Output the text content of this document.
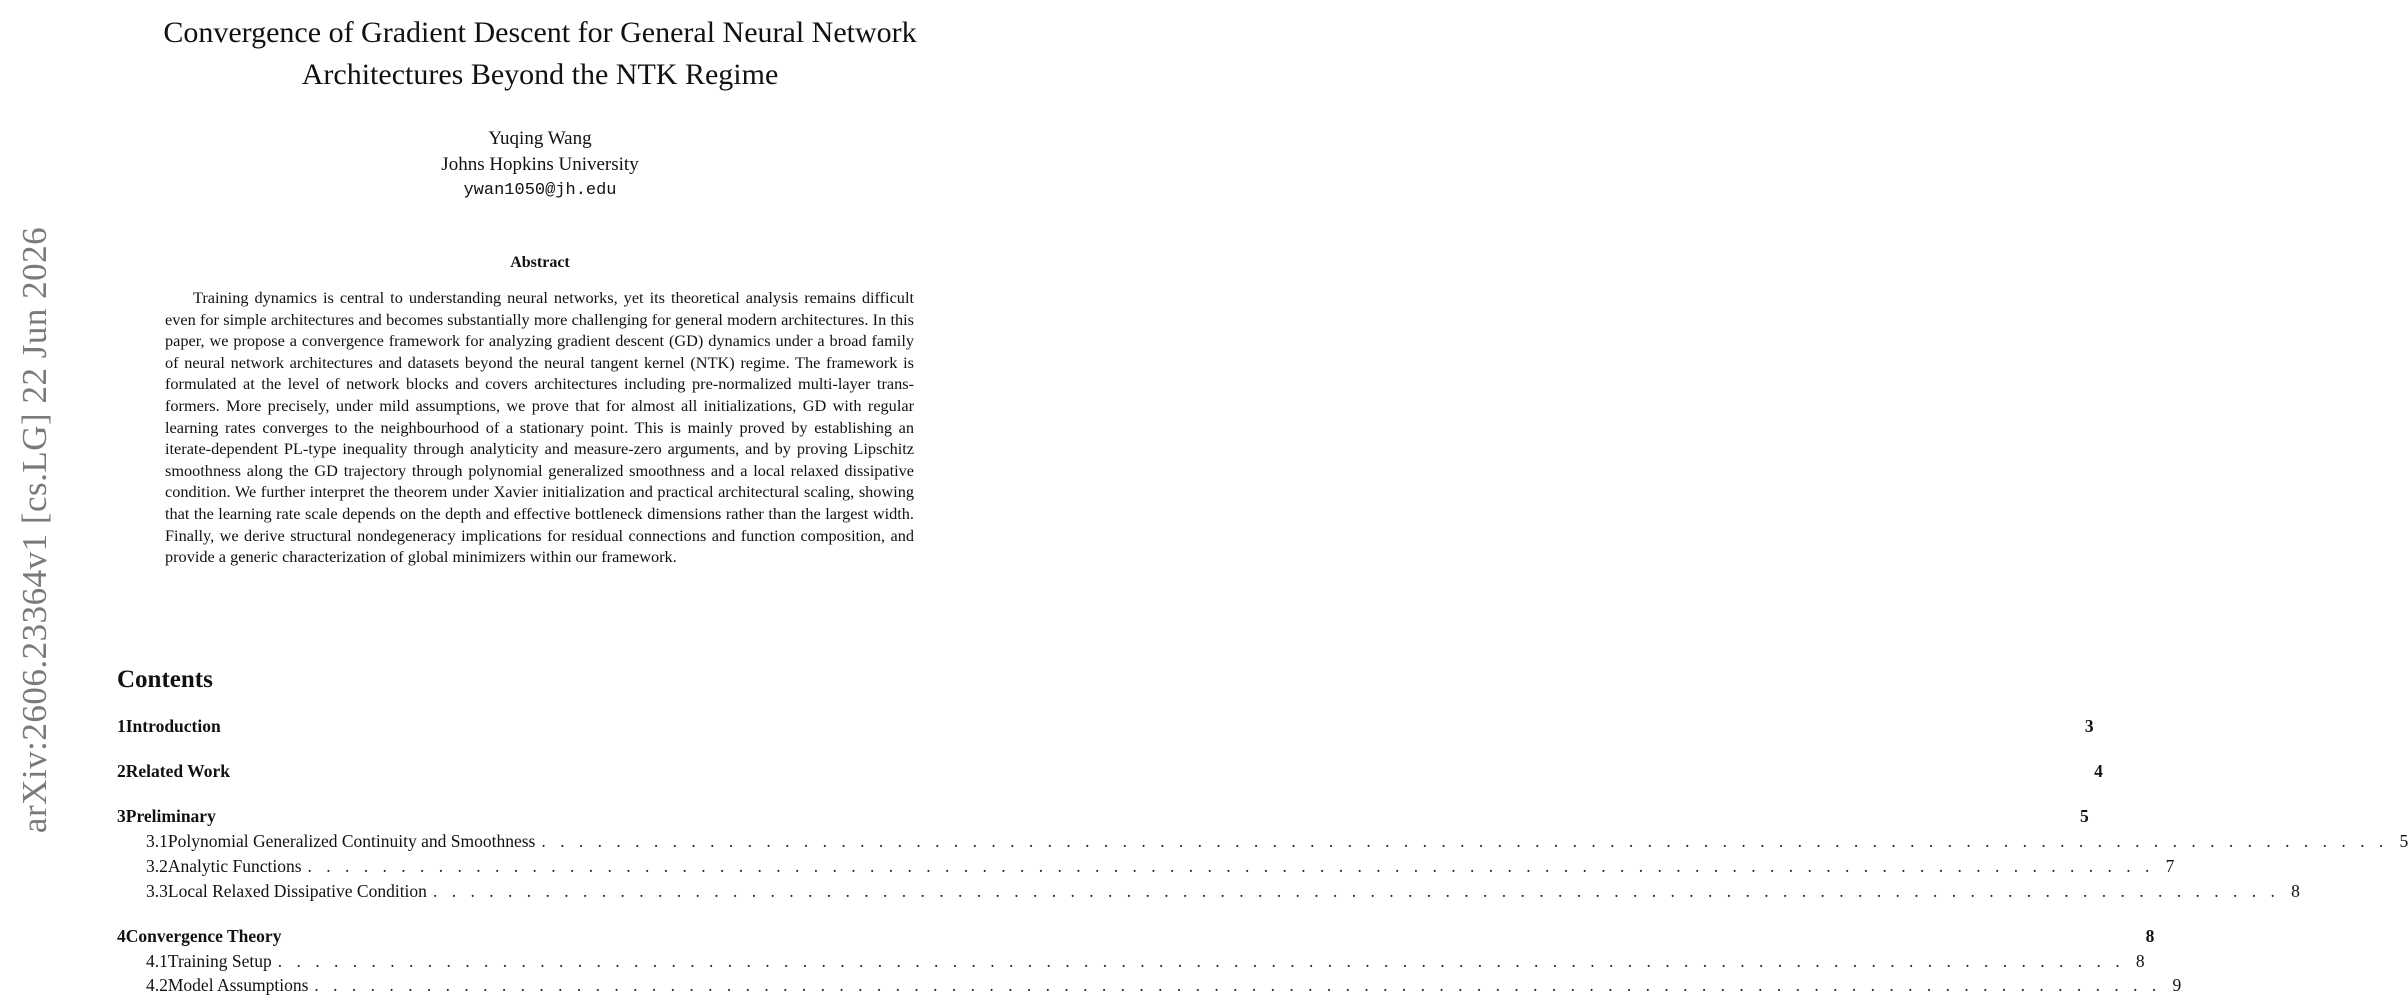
arXiv:2606.23364v1 [cs.LG] 22 Jun 2026
Convergence of Gradient Descent for General Neural Network
Architectures Beyond the NTK Regime
Yuqing Wang
Johns Hopkins University
ywan1050@jh.edu
Abstract

Training dynamics is central to understanding neural networks, yet its theoretical analysis remains difficult even for simple architectures and becomes substantially more challenging for general modern architectures. In this paper, we propose a convergence framework for analyzing gradient descent (GD) dynamics under a broad family of neural network architectures and datasets beyond the neural tangent kernel (NTK) regime. The framework is formulated at the level of network blocks and covers architectures including pre-normalized multi-layer transformers. More precisely, under mild assumptions, we prove that for almost all initializations, GD with regular learning rates converges to the neighbourhood of a stationary point. This is mainly proved by establishing an iterate-dependent PL-type inequality through analyticity and measure-zero arguments, and by proving Lipschitz smoothness along the GD trajectory through polynomial generalized smoothness and a local relaxed dissipative condition. We further interpret the theorem under Xavier initialization and practical architectural scaling, showing that the learning rate scale depends on the depth and effective bottleneck dimensions rather than the largest width. Finally, we derive structural nondegeneracy implications for residual connections and function composition, and provide a generic characterization of global minimizers within our framework.

Contents
1 Introduction	3
2 Related Work	4
3 Preliminary	5
3.1 Polynomial Generalized Continuity and Smoothness . . . . . . . . . . . . . . . . . . . . . . . . . . . . . . . . . . . . . . . . . . . . . . . . . . . . . . . . . . . . . . . . . . . . . . . . . . . . . . . . . . . . . . . . . . . . . . . . . . . 5
3.2 Analytic Functions . . . . . . . . . . . . . . . . . . . . . . . . . . . . . . . . . . . . . . . . . . . . . . . . . . . . . . . . . . . . . . . . . . . . . . . . . . . . . . . . . . . . . . . . . . . . . . . . . . . 7
3.3 Local Relaxed Dissipative Condition . . . . . . . . . . . . . . . . . . . . . . . . . . . . . . . . . . . . . . . . . . . . . . . . . . . . . . . . . . . . . . . . . . . . . . . . . . . . . . . . . . . . . . . . . . . . . . . . . . . 8
4 Convergence Theory	8
4.1 Training Setup . . . . . . . . . . . . . . . . . . . . . . . . . . . . . . . . . . . . . . . . . . . . . . . . . . . . . . . . . . . . . . . . . . . . . . . . . . . . . . . . . . . . . . . . . . . . . . . . . . . 8
4.2 Model Assumptions . . . . . . . . . . . . . . . . . . . . . . . . . . . . . . . . . . . . . . . . . . . . . . . . . . . . . . . . . . . . . . . . . . . . . . . . . . . . . . . . . . . . . . . . . . . . . . . . . . . 9
